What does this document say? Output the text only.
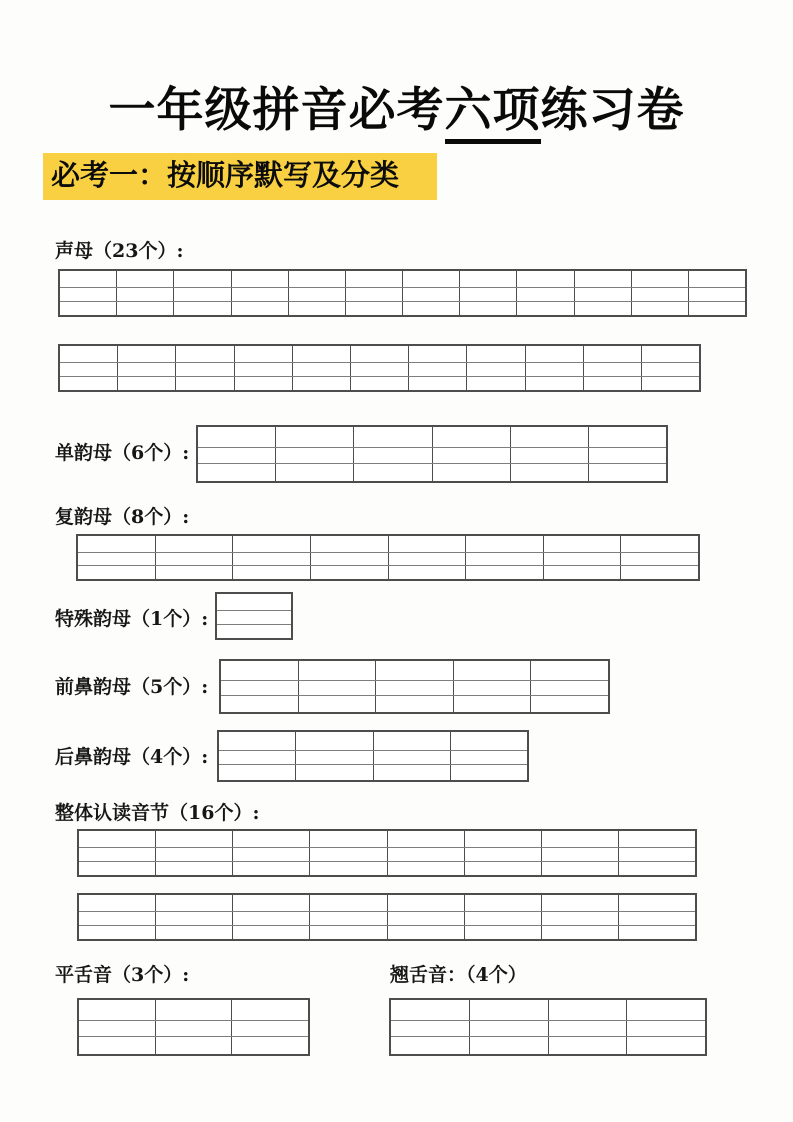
一年级拼音必考六项练习卷
必考一：按顺序默写及分类
声母（23个）:
单韵母（6个）:
复韵母（8个）:
特殊韵母（1个）:
前鼻韵母（5个）:
后鼻韵母（4个）:
整体认读音节（16个）:
平舌音（3个）:	翘舌音：（4个）
